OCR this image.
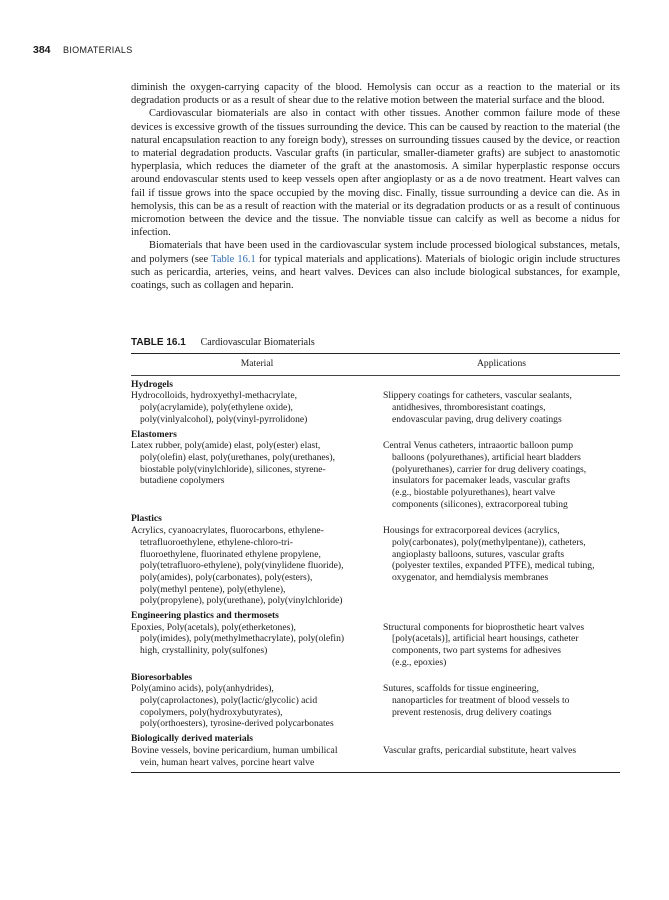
384 BIOMATERIALS

diminish the oxygen-carrying capacity of the blood. Hemolysis can occur as a reaction to the material or its degradation products or as a result of shear due to the relative motion between the material surface and the blood.

Cardiovascular biomaterials are also in contact with other tissues. Another common failure mode of these devices is excessive growth of the tissues surrounding the device. This can be caused by reaction to the material (the natural encapsulation reaction to any foreign body), stresses on surrounding tissues caused by the device, or reaction to material degradation products. Vascular grafts (in particular, smaller-diameter grafts) are subject to anastomotic hyperplasia, which reduces the diameter of the graft at the anastomosis. A similar hyperplastic response occurs around endovascular stents used to keep vessels open after angioplasty or as a de novo treatment. Heart valves can fail if tissue grows into the space occupied by the moving disc. Finally, tissue surrounding a device can die. As in hemolysis, this can be as a result of reaction with the material or its degradation products or as a result of continuous micromotion between the device and the tissue. The nonviable tissue can calcify as well as become a nidus for infection.

Biomaterials that have been used in the cardiovascular system include processed biological substances, metals, and polymers (see Table 16.1 for typical materials and applications). Materials of biologic origin include structures such as pericardia, arteries, veins, and heart valves. Devices can also include biological substances, for example, coatings, such as collagen and heparin.

TABLE 16.1 Cardiovascular Biomaterials
Material	Applications
Hydrogels
Hydrocolloids, hydroxyethyl-methacrylate,
poly(acrylamide), poly(ethylene oxide),
poly(vinlyalcohol), poly(vinyl-pyrrolidone)
Slippery coatings for catheters, vascular sealants,
antidhesives, thromboresistant coatings,
endovascular paving, drug delivery coatings
Elastomers
Latex rubber, poly(amide) elast, poly(ester) elast,
poly(olefin) elast, poly(urethanes, poly(urethanes),
biostable poly(vinylchloride), silicones, styrene-
butadiene copolymers
Central Venus catheters, intraaortic balloon pump
balloons (polyurethanes), artificial heart bladders
(polyurethanes), carrier for drug delivery coatings,
insulators for pacemaker leads, vascular grafts
(e.g., biostable polyurethanes), heart valve
components (silicones), extracorporeal tubing
Plastics
Acrylics, cyanoacrylates, fluorocarbons, ethylene-
tetrafluoroethylene, ethylene-chloro-tri-
fluoroethylene, fluorinated ethylene propylene,
poly(tetrafluoro-ethylene), poly(vinylidene fluoride),
poly(amides), poly(carbonates), poly(esters),
poly(methyl pentene), poly(ethylene),
poly(propylene), poly(urethane), poly(vinylchloride)
Housings for extracorporeal devices (acrylics,
poly(carbonates), poly(methylpentane)), catheters,
angioplasty balloons, sutures, vascular grafts
(polyester textiles, expanded PTFE), medical tubing,
oxygenator, and hemdialysis membranes
Engineering plastics and thermosets
Epoxies, Poly(acetals), poly(etherketones),
poly(imides), poly(methylmethacrylate), poly(olefin)
high, crystallinity, poly(sulfones)
Structural components for bioprosthetic heart valves
[poly(acetals)], artificial heart housings, catheter
components, two part systems for adhesives
(e.g., epoxies)
Bioresorbables
Poly(amino acids), poly(anhydrides),
poly(caprolactones), poly(lactic/glycolic) acid
copolymers, poly(hydroxybutyrates),
poly(orthoesters), tyrosine-derived polycarbonates
Sutures, scaffolds for tissue engineering,
nanoparticles for treatment of blood vessels to
prevent restenosis, drug delivery coatings
Biologically derived materials
Bovine vessels, bovine pericardium, human umbilical
vein, human heart valves, porcine heart valve
Vascular grafts, pericardial substitute, heart valves
